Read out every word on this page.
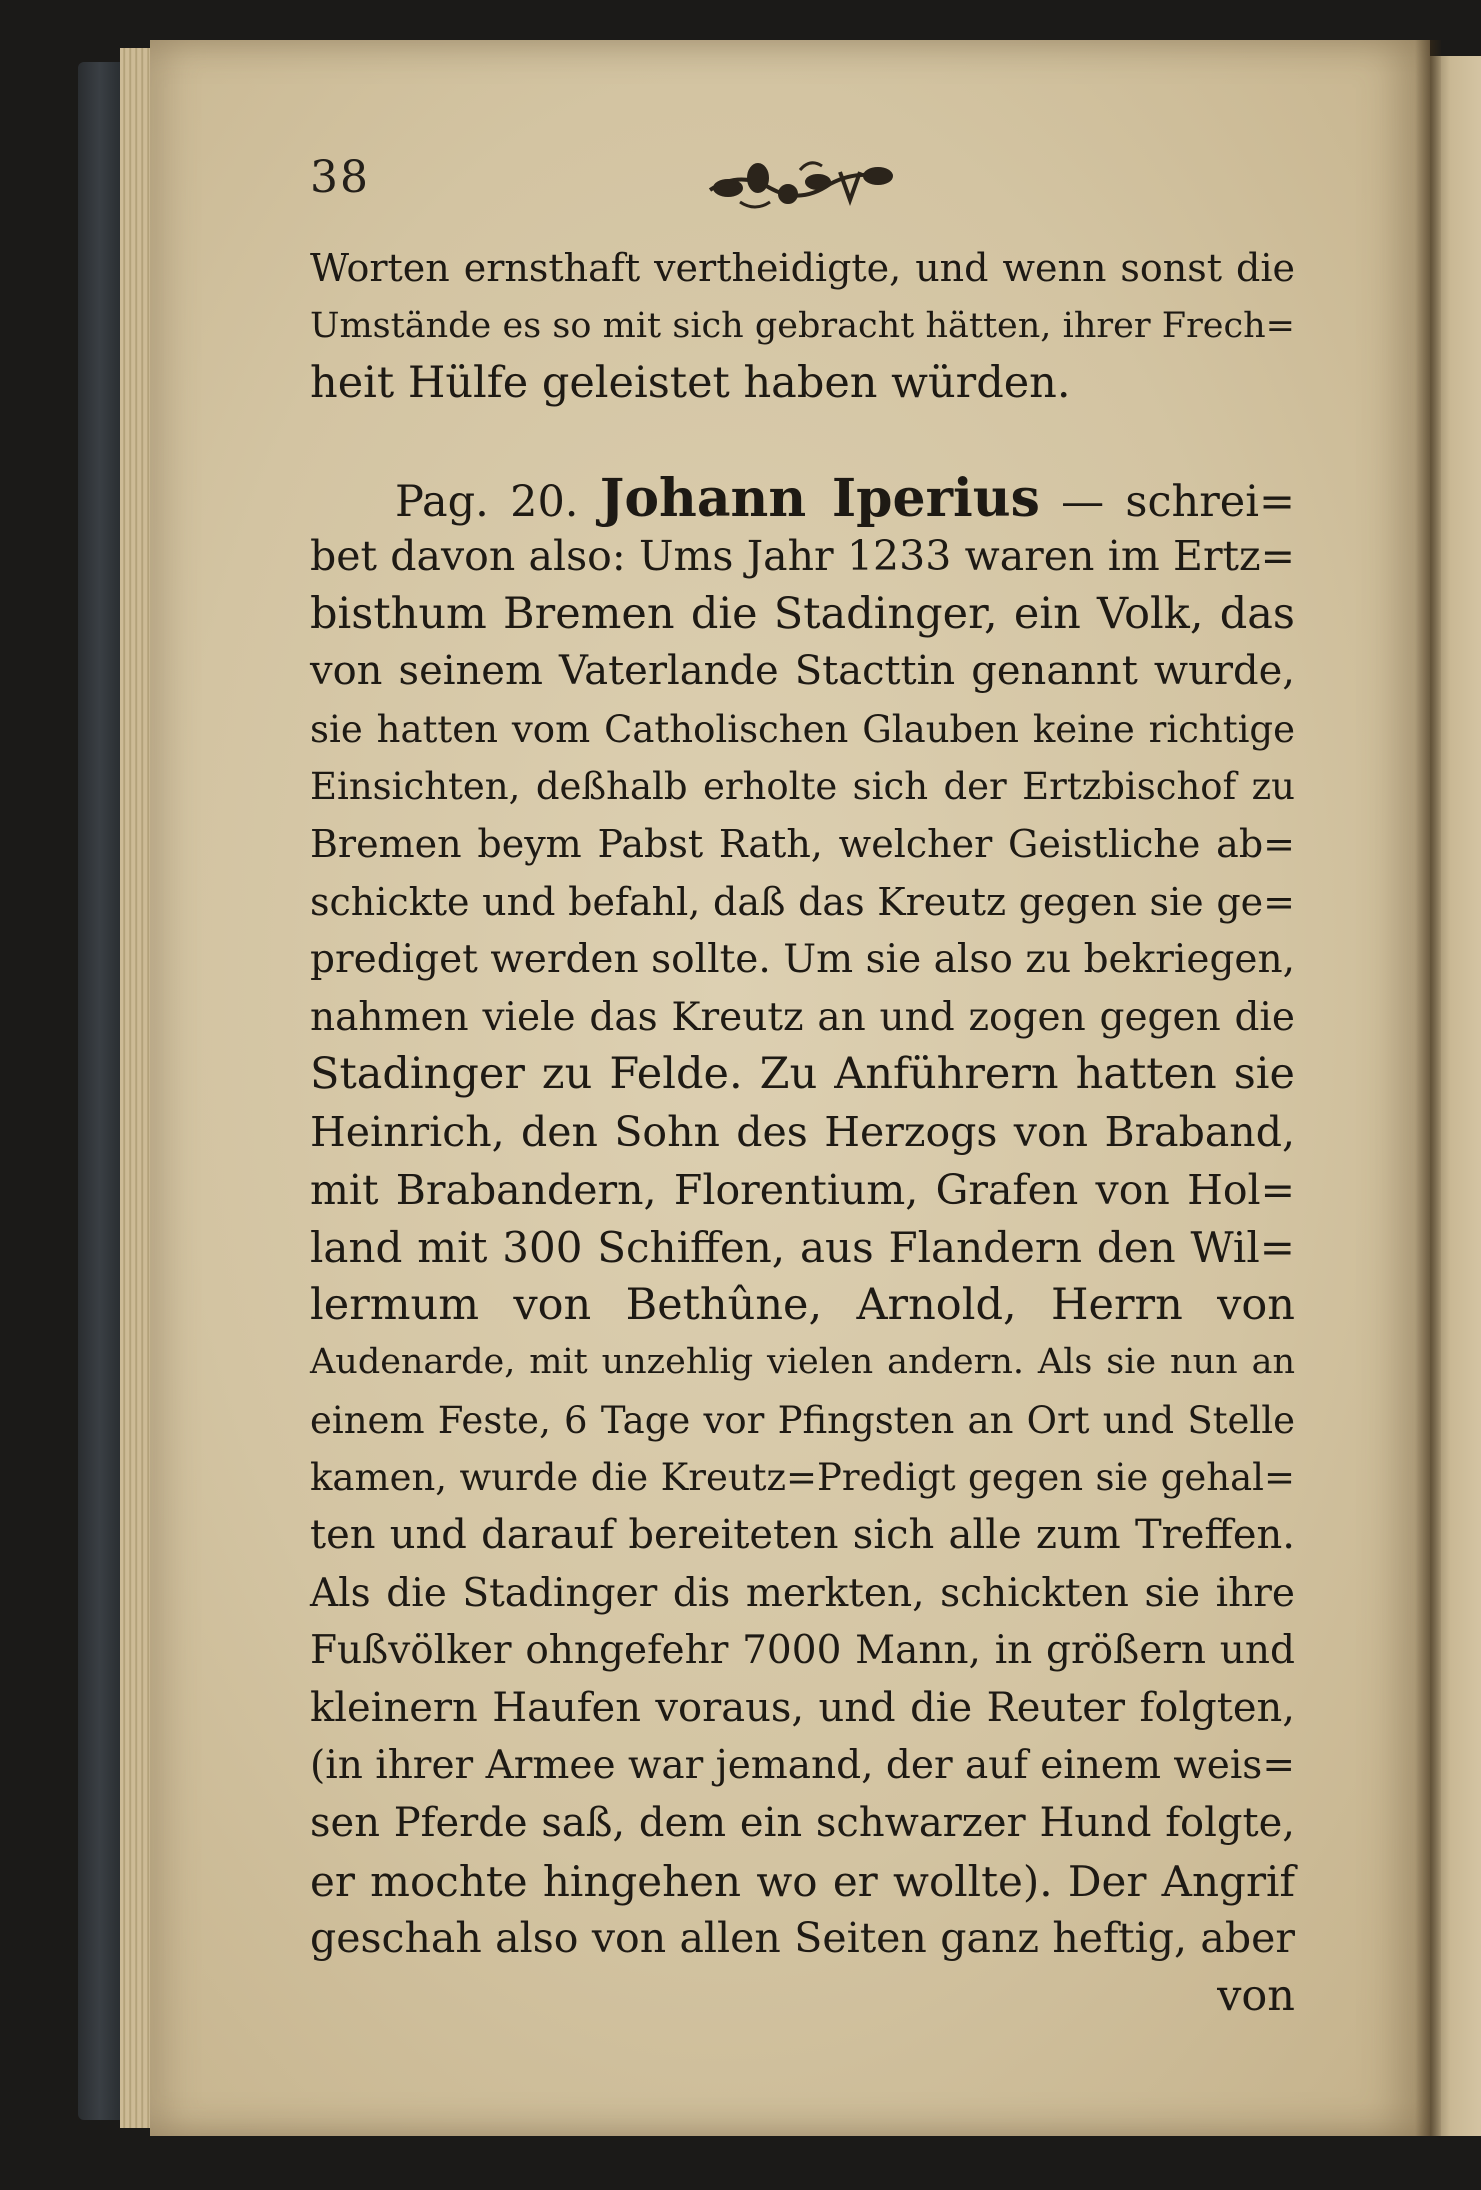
38
Worten ernsthaft vertheidigte, und wenn sonst die
Umstände es so mit sich gebracht hätten, ihrer Frech=
heit Hülfe geleistet haben würden.
Pag. 20. Johann Iperius — schrei=
bet davon also: Ums Jahr 1233 waren im Ertz=
bisthum Bremen die Stadinger, ein Volk, das
von seinem Vaterlande Stacttin genannt wurde,
sie hatten vom Catholischen Glauben keine richtige
Einsichten, deßhalb erholte sich der Ertzbischof zu
Bremen beym Pabst Rath, welcher Geistliche ab=
schickte und befahl, daß das Kreutz gegen sie ge=
prediget werden sollte. Um sie also zu bekriegen,
nahmen viele das Kreutz an und zogen gegen die
Stadinger zu Felde. Zu Anführern hatten sie
Heinrich, den Sohn des Herzogs von Braband,
mit Brabandern, Florentium, Grafen von Hol=
land mit 300 Schiffen, aus Flandern den Wil=
lermum von Bethûne, Arnold, Herrn von
Audenarde, mit unzehlig vielen andern. Als sie nun an
einem Feste, 6 Tage vor Pfingsten an Ort und Stelle
kamen, wurde die Kreutz=Predigt gegen sie gehal=
ten und darauf bereiteten sich alle zum Treffen.
Als die Stadinger dis merkten, schickten sie ihre
Fußvölker ohngefehr 7000 Mann, in größern und
kleinern Haufen voraus, und die Reuter folgten,
(in ihrer Armee war jemand, der auf einem weis=
sen Pferde saß, dem ein schwarzer Hund folgte,
er mochte hingehen wo er wollte). Der Angrif
geschah also von allen Seiten ganz heftig, aber
von
